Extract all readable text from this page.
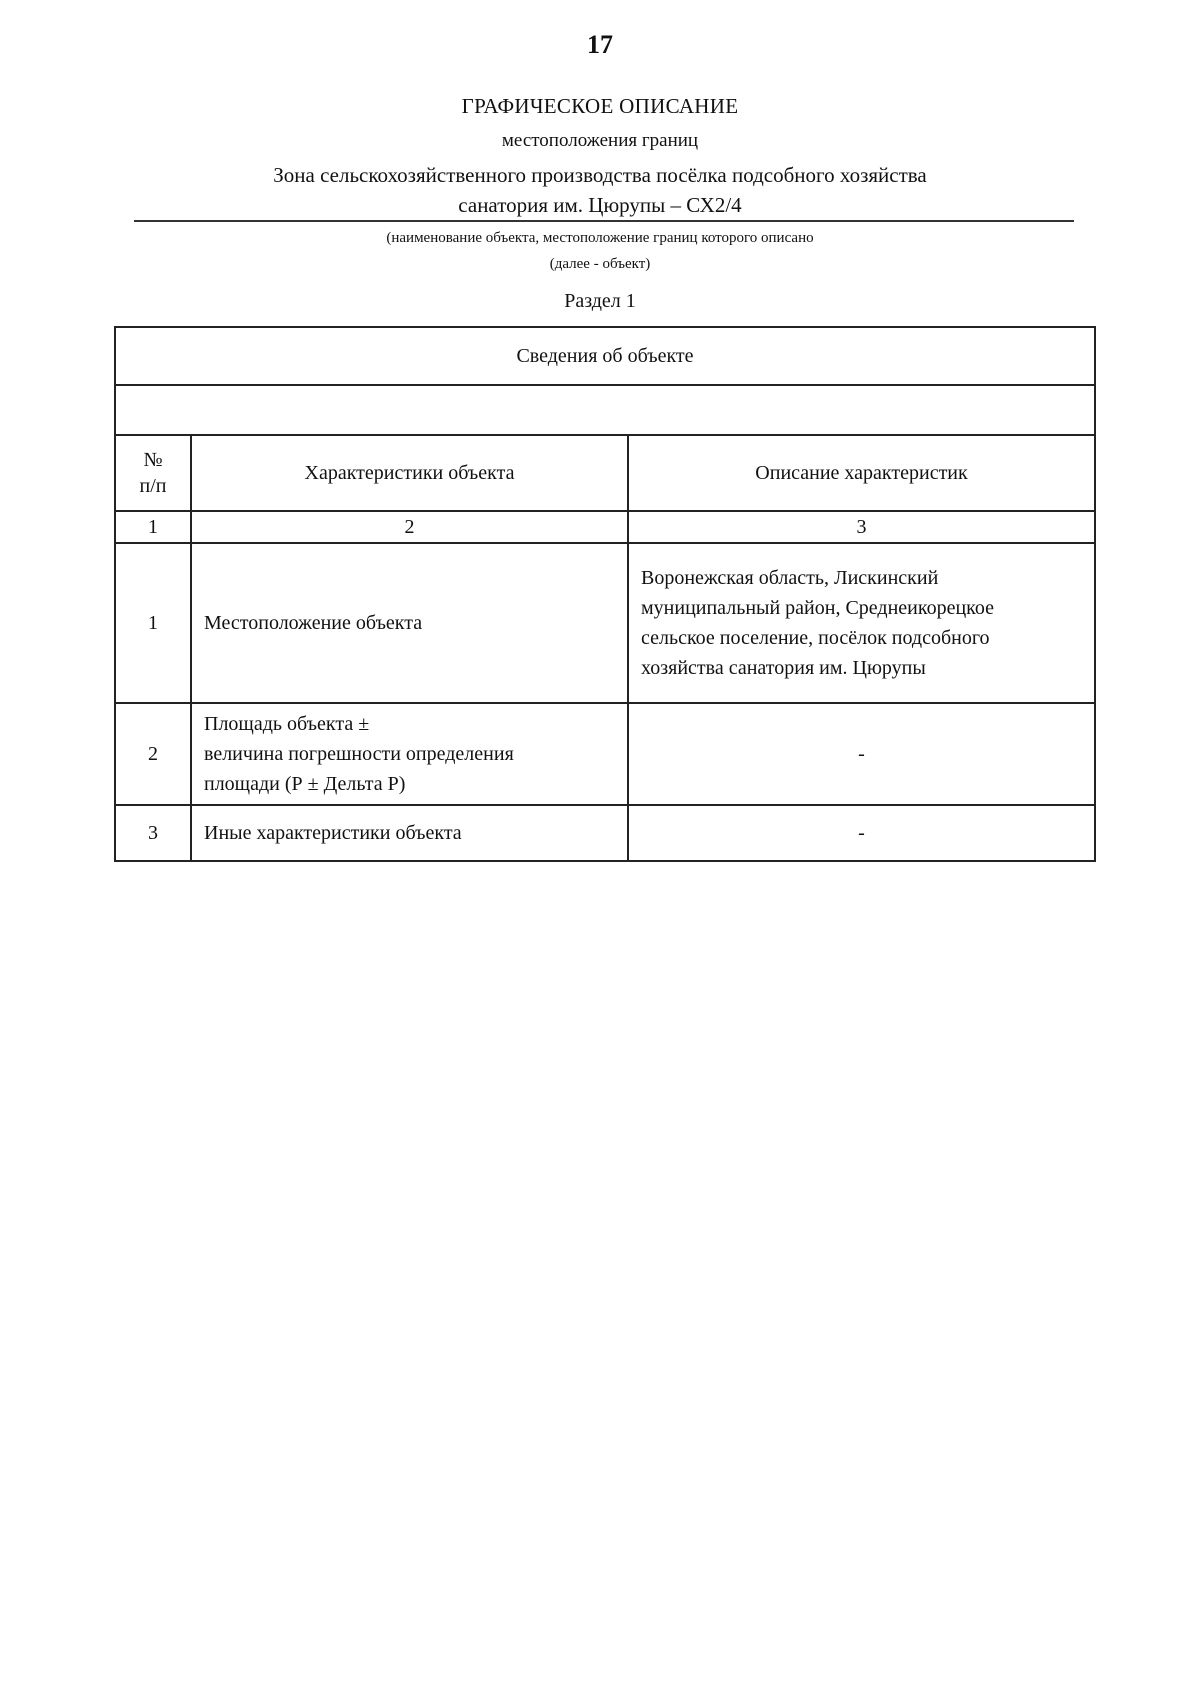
17
ГРАФИЧЕСКОЕ ОПИСАНИЕ
местоположения границ
Зона сельскохозяйственного производства посёлка подсобного хозяйства
санатория им. Цюрупы – СХ2/4
(наименование объекта, местоположение границ которого описано
(далее - объект)
Раздел 1
Сведения об объекте		

№
п/п	Характеристики объекта	Описание характеристик
1	2	3
1	Местоположение объекта	Воронежская область, Лискинский
муниципальный район, Среднеикорецкое
сельское поселение, посёлок подсобного
хозяйства санатория им. Цюрупы

2	Площадь объекта ±
величина погрешности определения
площади (Р ± Дельта Р)	-
3	Иные характеристики объекта	-
